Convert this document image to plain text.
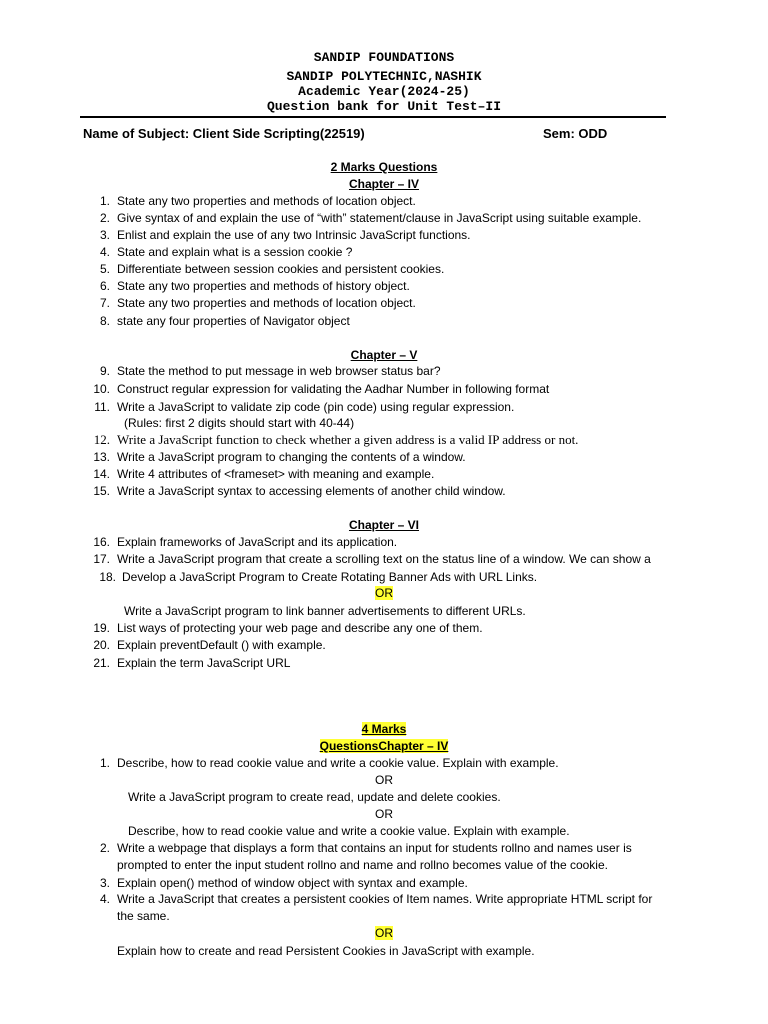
SANDIP FOUNDATIONS
SANDIP POLYTECHNIC,NASHIK
Academic Year(2024-25)
Question bank for Unit Test–II
Name of Subject: Client Side Scripting(22519)	Sem: ODD
2 Marks Questions
Chapter – IV
1. State any two properties and methods of location object.
2. Give syntax of and explain the use of “with” statement/clause in JavaScript using suitable example.
3. Enlist and explain the use of any two Intrinsic JavaScript functions.
4. State and explain what is a session cookie ?
5. Differentiate between session cookies and persistent cookies.
6. State any two properties and methods of history object.
7. State any two properties and methods of location object.
8. state any four properties of Navigator object
Chapter – V
9. State the method to put message in web browser status bar?
10. Construct regular expression for validating the Aadhar Number in following format
11. Write a JavaScript to validate zip code (pin code) using regular expression.
(Rules: first 2 digits should start with 40-44)
12. Write a JavaScript function to check whether a given address is a valid IP address or not.
13. Write a JavaScript program to changing the contents of a window.
14. Write 4 attributes of <frameset> with meaning and example.
15. Write a JavaScript syntax to accessing elements of another child window.
Chapter – VI
16. Explain frameworks of JavaScript and its application.
17. Write a JavaScript program that create a scrolling text on the status line of a window. We can show a
18. Develop a JavaScript Program to Create Rotating Banner Ads with URL Links.
OR
Write a JavaScript program to link banner advertisements to different URLs.
19. List ways of protecting your web page and describe any one of them.
20. Explain preventDefault () with example.
21. Explain the term JavaScript URL
4 Marks
QuestionsChapter – IV
1. Describe, how to read cookie value and write a cookie value. Explain with example.
OR
Write a JavaScript program to create read, update and delete cookies.
OR
Describe, how to read cookie value and write a cookie value. Explain with example.
2. Write a webpage that displays a form that contains an input for students rollno and names user is
prompted to enter the input student rollno and name and rollno becomes value of the cookie.
3. Explain open() method of window object with syntax and example.
4. Write a JavaScript that creates a persistent cookies of Item names. Write appropriate HTML script for
the same.
OR
Explain how to create and read Persistent Cookies in JavaScript with example.
